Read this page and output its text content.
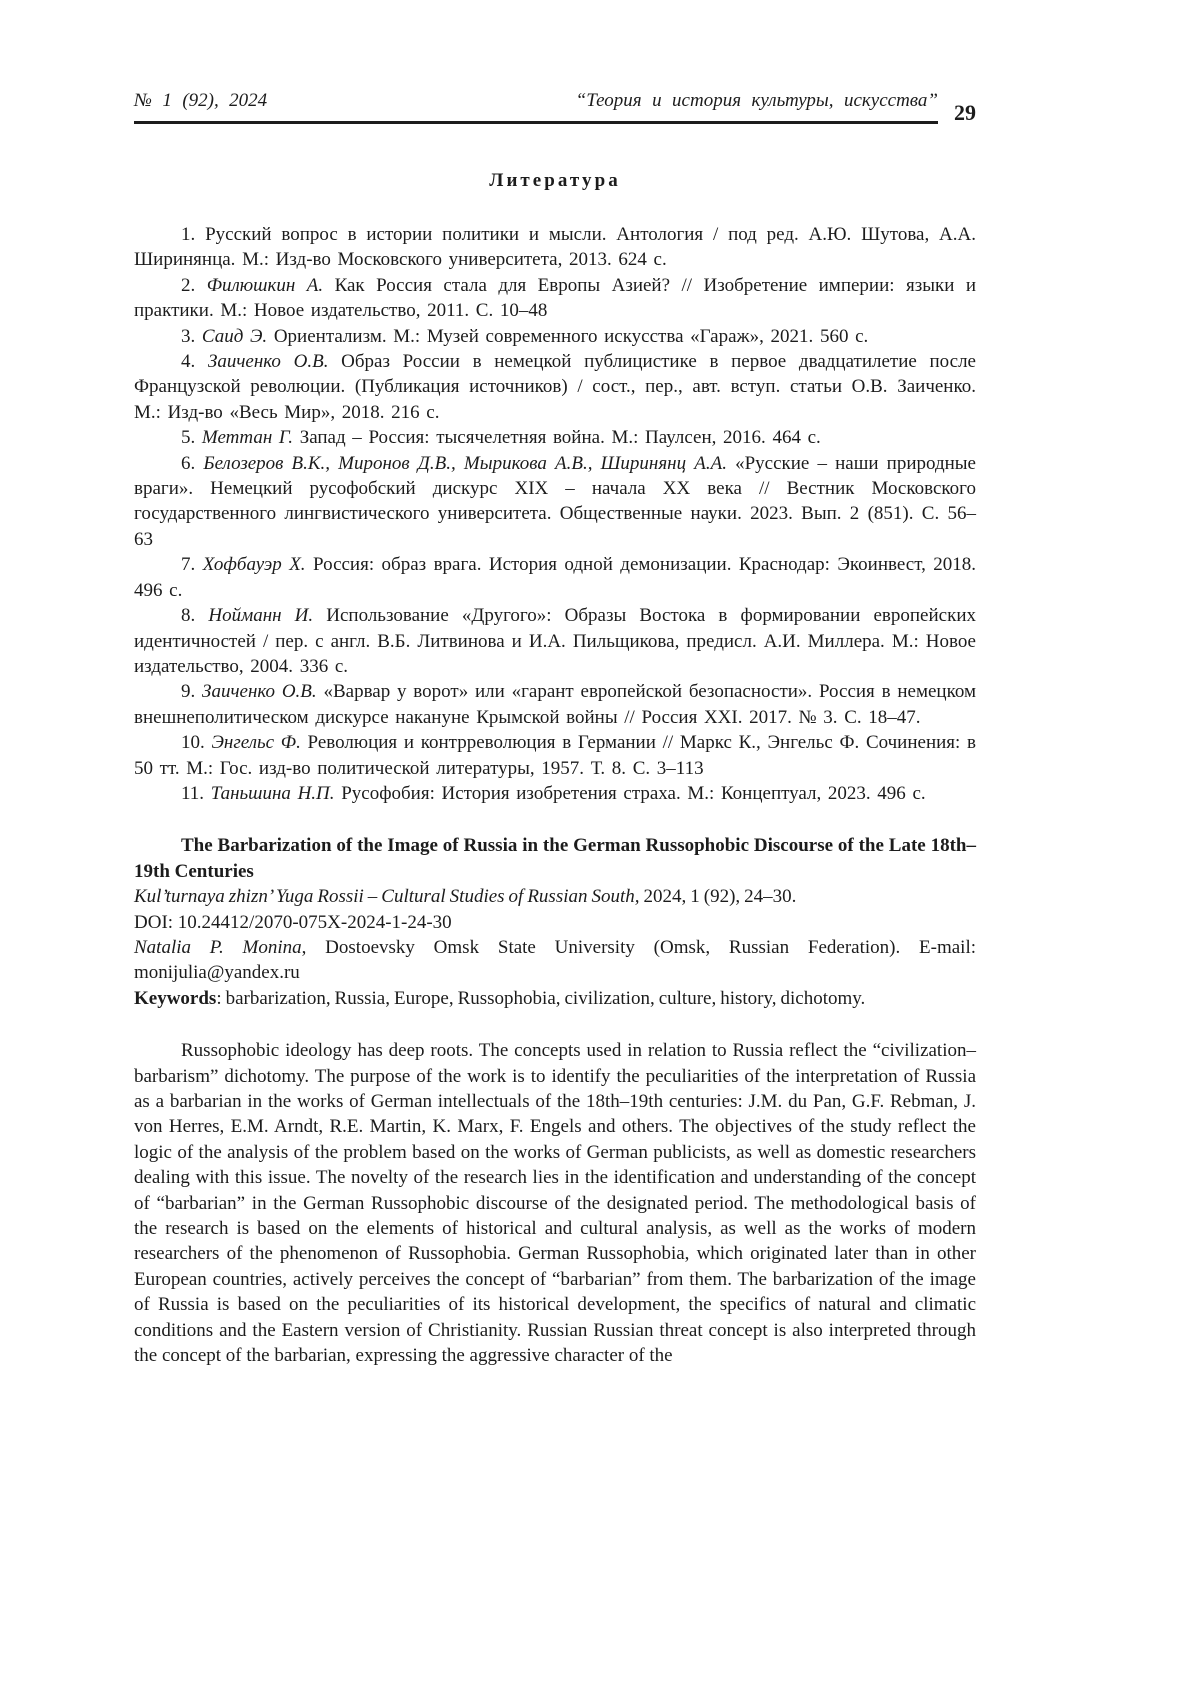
№ 1 (92), 2024	“Теория и история культуры, искусства” 29
Литература

1. Русский вопрос в истории политики и мысли. Антология / под ред. А.Ю. Шутова, А.А. Ширинянца. М.: Изд-во Московского университета, 2013. 624 с.

2. Филюшкин А. Как Россия стала для Европы Азией? // Изобретение империи: языки и практики. М.: Новое издательство, 2011. С. 10–48

3. Саид Э. Ориентализм. М.: Музей современного искусства «Гараж», 2021. 560 с.

4. Заиченко О.В. Образ России в немецкой публицистике в первое двадцатилетие после Французской революции. (Публикация источников) / сост., пер., авт. вступ. статьи О.В. Заиченко. М.: Изд-во «Весь Мир», 2018. 216 с.

5. Меттан Г. Запад – Россия: тысячелетняя война. М.: Паулсен, 2016. 464 с.

6. Белозеров В.К., Миронов Д.В., Мырикова А.В., Ширинянц А.А. «Русские – наши природные враги». Немецкий русофобский дискурс XIX – начала XX века // Вестник Московского государственного лингвистического университета. Общественные науки. 2023. Вып. 2 (851). С. 56–63

7. Хофбауэр Х. Россия: образ врага. История одной демонизации. Краснодар: Экоинвест, 2018. 496 с.

8. Нойманн И. Использование «Другого»: Образы Востока в формировании европейских идентичностей / пер. с англ. В.Б. Литвинова и И.А. Пильщикова, предисл. А.И. Миллера. М.: Новое издательство, 2004. 336 с.

9. Заиченко О.В. «Варвар у ворот» или «гарант европейской безопасности». Россия в немецком внешнеполитическом дискурсе накануне Крымской войны // Россия XXI. 2017. № 3. С. 18–47.

10. Энгельс Ф. Революция и контрреволюция в Германии // Маркс К., Энгельс Ф. Сочинения: в 50 тт. М.: Гос. изд-во политической литературы, 1957. Т. 8. С. 3–113

11. Таньшина Н.П. Русофобия: История изобретения страха. М.: Концептуал, 2023. 496 с.

The Barbarization of the Image of Russia in the German Russophobic Discourse of the Late 18th–19th Centuries

Kul’turnaya zhizn’ Yuga Rossii – Cultural Studies of Russian South, 2024, 1 (92), 24–30.

DOI: 10.24412/2070-075X-2024-1-24-30

Natalia P. Monina, Dostoevsky Omsk State University (Omsk, Russian Federation). E-mail: monijulia@yandex.ru

Keywords: barbarization, Russia, Europe, Russophobia, civilization, culture, history, dichotomy.

Russophobic ideology has deep roots. The concepts used in relation to Russia reflect the “civilization–barbarism” dichotomy. The purpose of the work is to identify the peculiarities of the interpretation of Russia as a barbarian in the works of German intellectuals of the 18th–19th centuries: J.M. du Pan, G.F. Rebman, J. von Herres, E.M. Arndt, R.E. Martin, K. Marx, F. Engels and others. The objectives of the study reflect the logic of the analysis of the problem based on the works of German publicists, as well as domestic researchers dealing with this issue. The novelty of the research lies in the identification and understanding of the concept of “barbarian” in the German Russophobic discourse of the designated period. The methodological basis of the research is based on the elements of historical and cultural analysis, as well as the works of modern researchers of the phenomenon of Russophobia. German Russophobia, which originated later than in other European countries, actively perceives the concept of “barbarian” from them. The barbarization of the image of Russia is based on the peculiarities of its historical development, the specifics of natural and climatic conditions and the Eastern version of Christianity. Russian Russian threat concept is also interpreted through the concept of the barbarian, expressing the aggressive character of the
